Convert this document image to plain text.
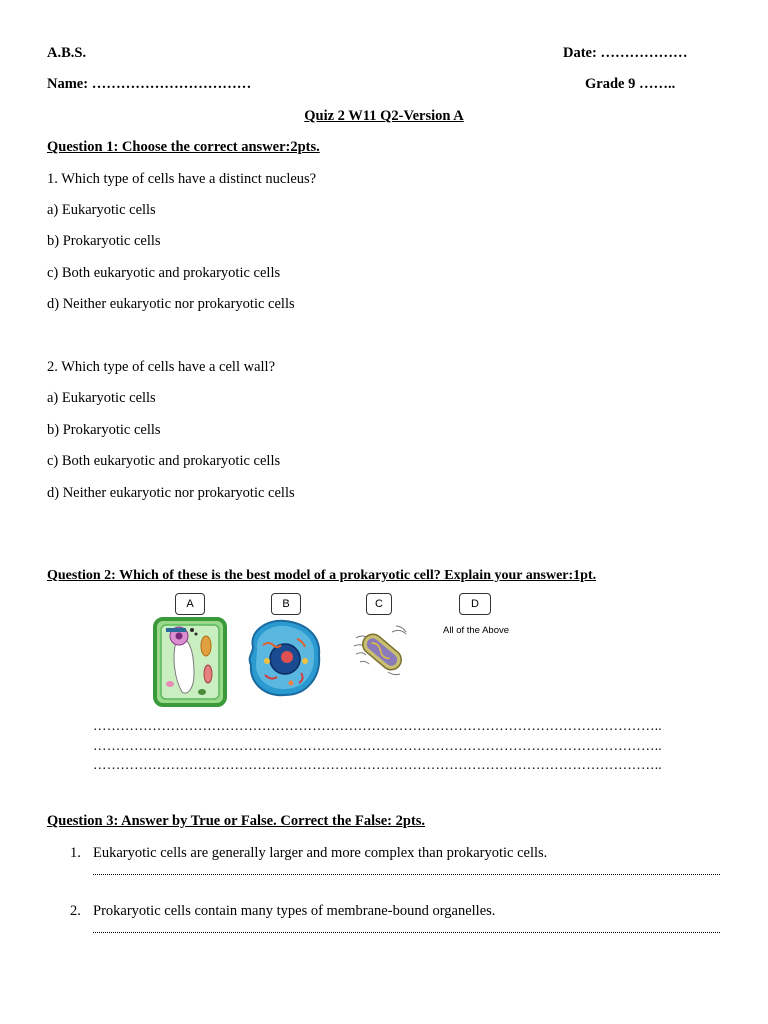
A.B.S.	Date: ………………
Name: ……………………………	Grade 9 ……..
Quiz 2 W11 Q2-Version A
Question 1: Choose the correct answer:2pts.
1. Which type of cells have a distinct nucleus?
a) Eukaryotic cells
b) Prokaryotic cells
c) Both eukaryotic and prokaryotic cells
d) Neither eukaryotic nor prokaryotic cells
2. Which type of cells have a cell wall?
a) Eukaryotic cells
b) Prokaryotic cells
c) Both eukaryotic and prokaryotic cells
d) Neither eukaryotic nor prokaryotic cells
Question 2: Which of these is the best model of a prokaryotic cell? Explain your answer:1pt.
A	B	C	D
All of the Above
……………………………………………………………………………………………………………..
……………………………………………………………………………………………………………..
……………………………………………………………………………………………………………..
Question 3: Answer by True or False. Correct the False: 2pts.
1. Eukaryotic cells are generally larger and more complex than prokaryotic cells.
2. Prokaryotic cells contain many types of membrane-bound organelles.
